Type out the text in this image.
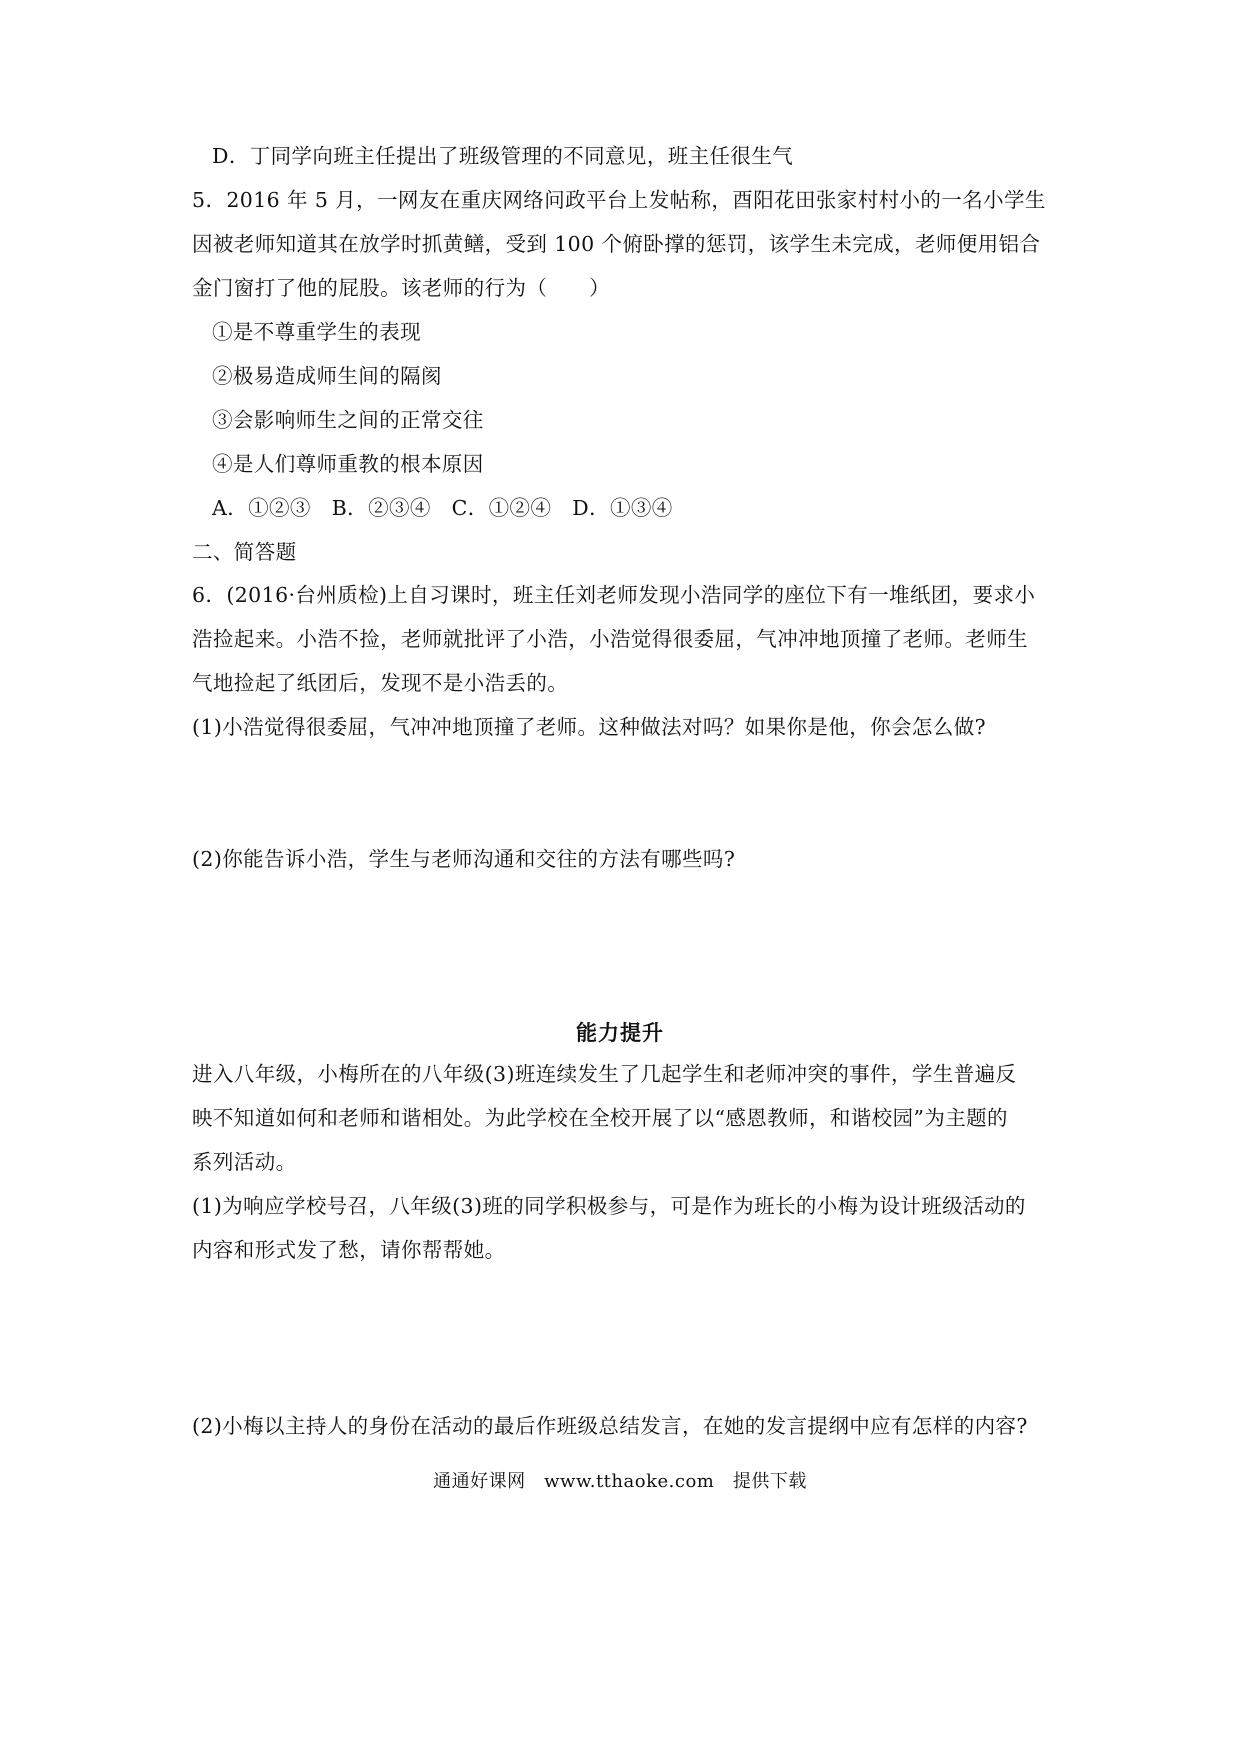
D．丁同学向班主任提出了班级管理的不同意见，班主任很生气
5．2016 年 5 月，一网友在重庆网络问政平台上发帖称，酉阳花田张家村村小的一名小学生
因被老师知道其在放学时抓黄鳝，受到 100 个俯卧撑的惩罚，该学生未完成，老师便用铝合
金门窗打了他的屁股。该老师的行为（　　）
①是不尊重学生的表现
②极易造成师生间的隔阂
③会影响师生之间的正常交往
④是人们尊师重教的根本原因
A．①②③　B．②③④　C．①②④　D．①③④
二、简答题
6．(2016·台州质检)上自习课时，班主任刘老师发现小浩同学的座位下有一堆纸团，要求小
浩捡起来。小浩不捡，老师就批评了小浩，小浩觉得很委屈，气冲冲地顶撞了老师。老师生
气地捡起了纸团后，发现不是小浩丢的。
(1)小浩觉得很委屈，气冲冲地顶撞了老师。这种做法对吗？如果你是他，你会怎么做?
(2)你能告诉小浩，学生与老师沟通和交往的方法有哪些吗?
能力提升
进入八年级，小梅所在的八年级(3)班连续发生了几起学生和老师冲突的事件，学生普遍反
映不知道如何和老师和谐相处。为此学校在全校开展了以“感恩教师，和谐校园”为主题的
系列活动。
(1)为响应学校号召，八年级(3)班的同学积极参与，可是作为班长的小梅为设计班级活动的
内容和形式发了愁，请你帮帮她。
(2)小梅以主持人的身份在活动的最后作班级总结发言，在她的发言提纲中应有怎样的内容?
通通好课网　www.tthaoke.com　提供下载
